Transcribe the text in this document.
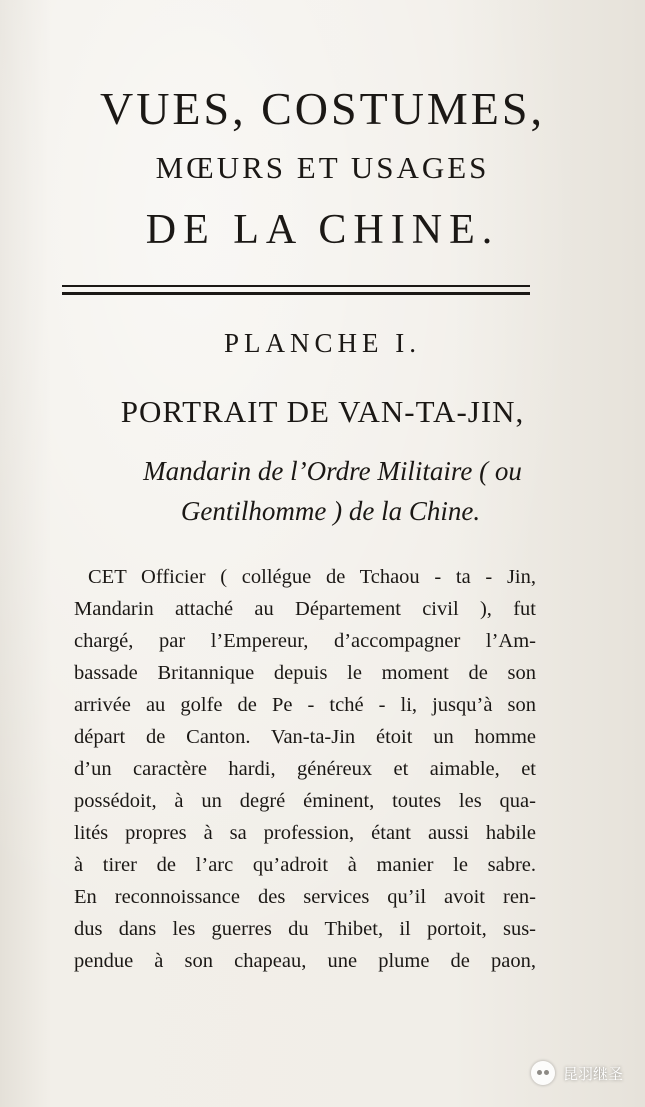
VUES, COSTUMES,
MŒURS ET USAGES
DE LA CHINE.
PLANCHE I.
PORTRAIT DE VAN-TA-JIN,
Mandarin de l’Ordre Militaire ( ou
Gentilhomme ) de la Chine.
CET Officier ( collégue de Tchaou - ta - Jin,
Mandarin attaché au Département civil ), fut
chargé, par l’Empereur, d’accompagner l’Am-
bassade Britannique depuis le moment de son
arrivée au golfe de Pe - tché - li, jusqu’à son
départ de Canton. Van-ta-Jin étoit un homme
d’un caractère hardi, généreux et aimable, et
possédoit, à un degré éminent, toutes les qua-
lités propres à sa profession, étant aussi habile
à tirer de l’arc qu’adroit à manier le sabre.
En reconnoissance des services qu’il avoit ren-
dus dans les guerres du Thibet, il portoit, sus-
pendue à son chapeau, une plume de paon,
昆羽继圣
